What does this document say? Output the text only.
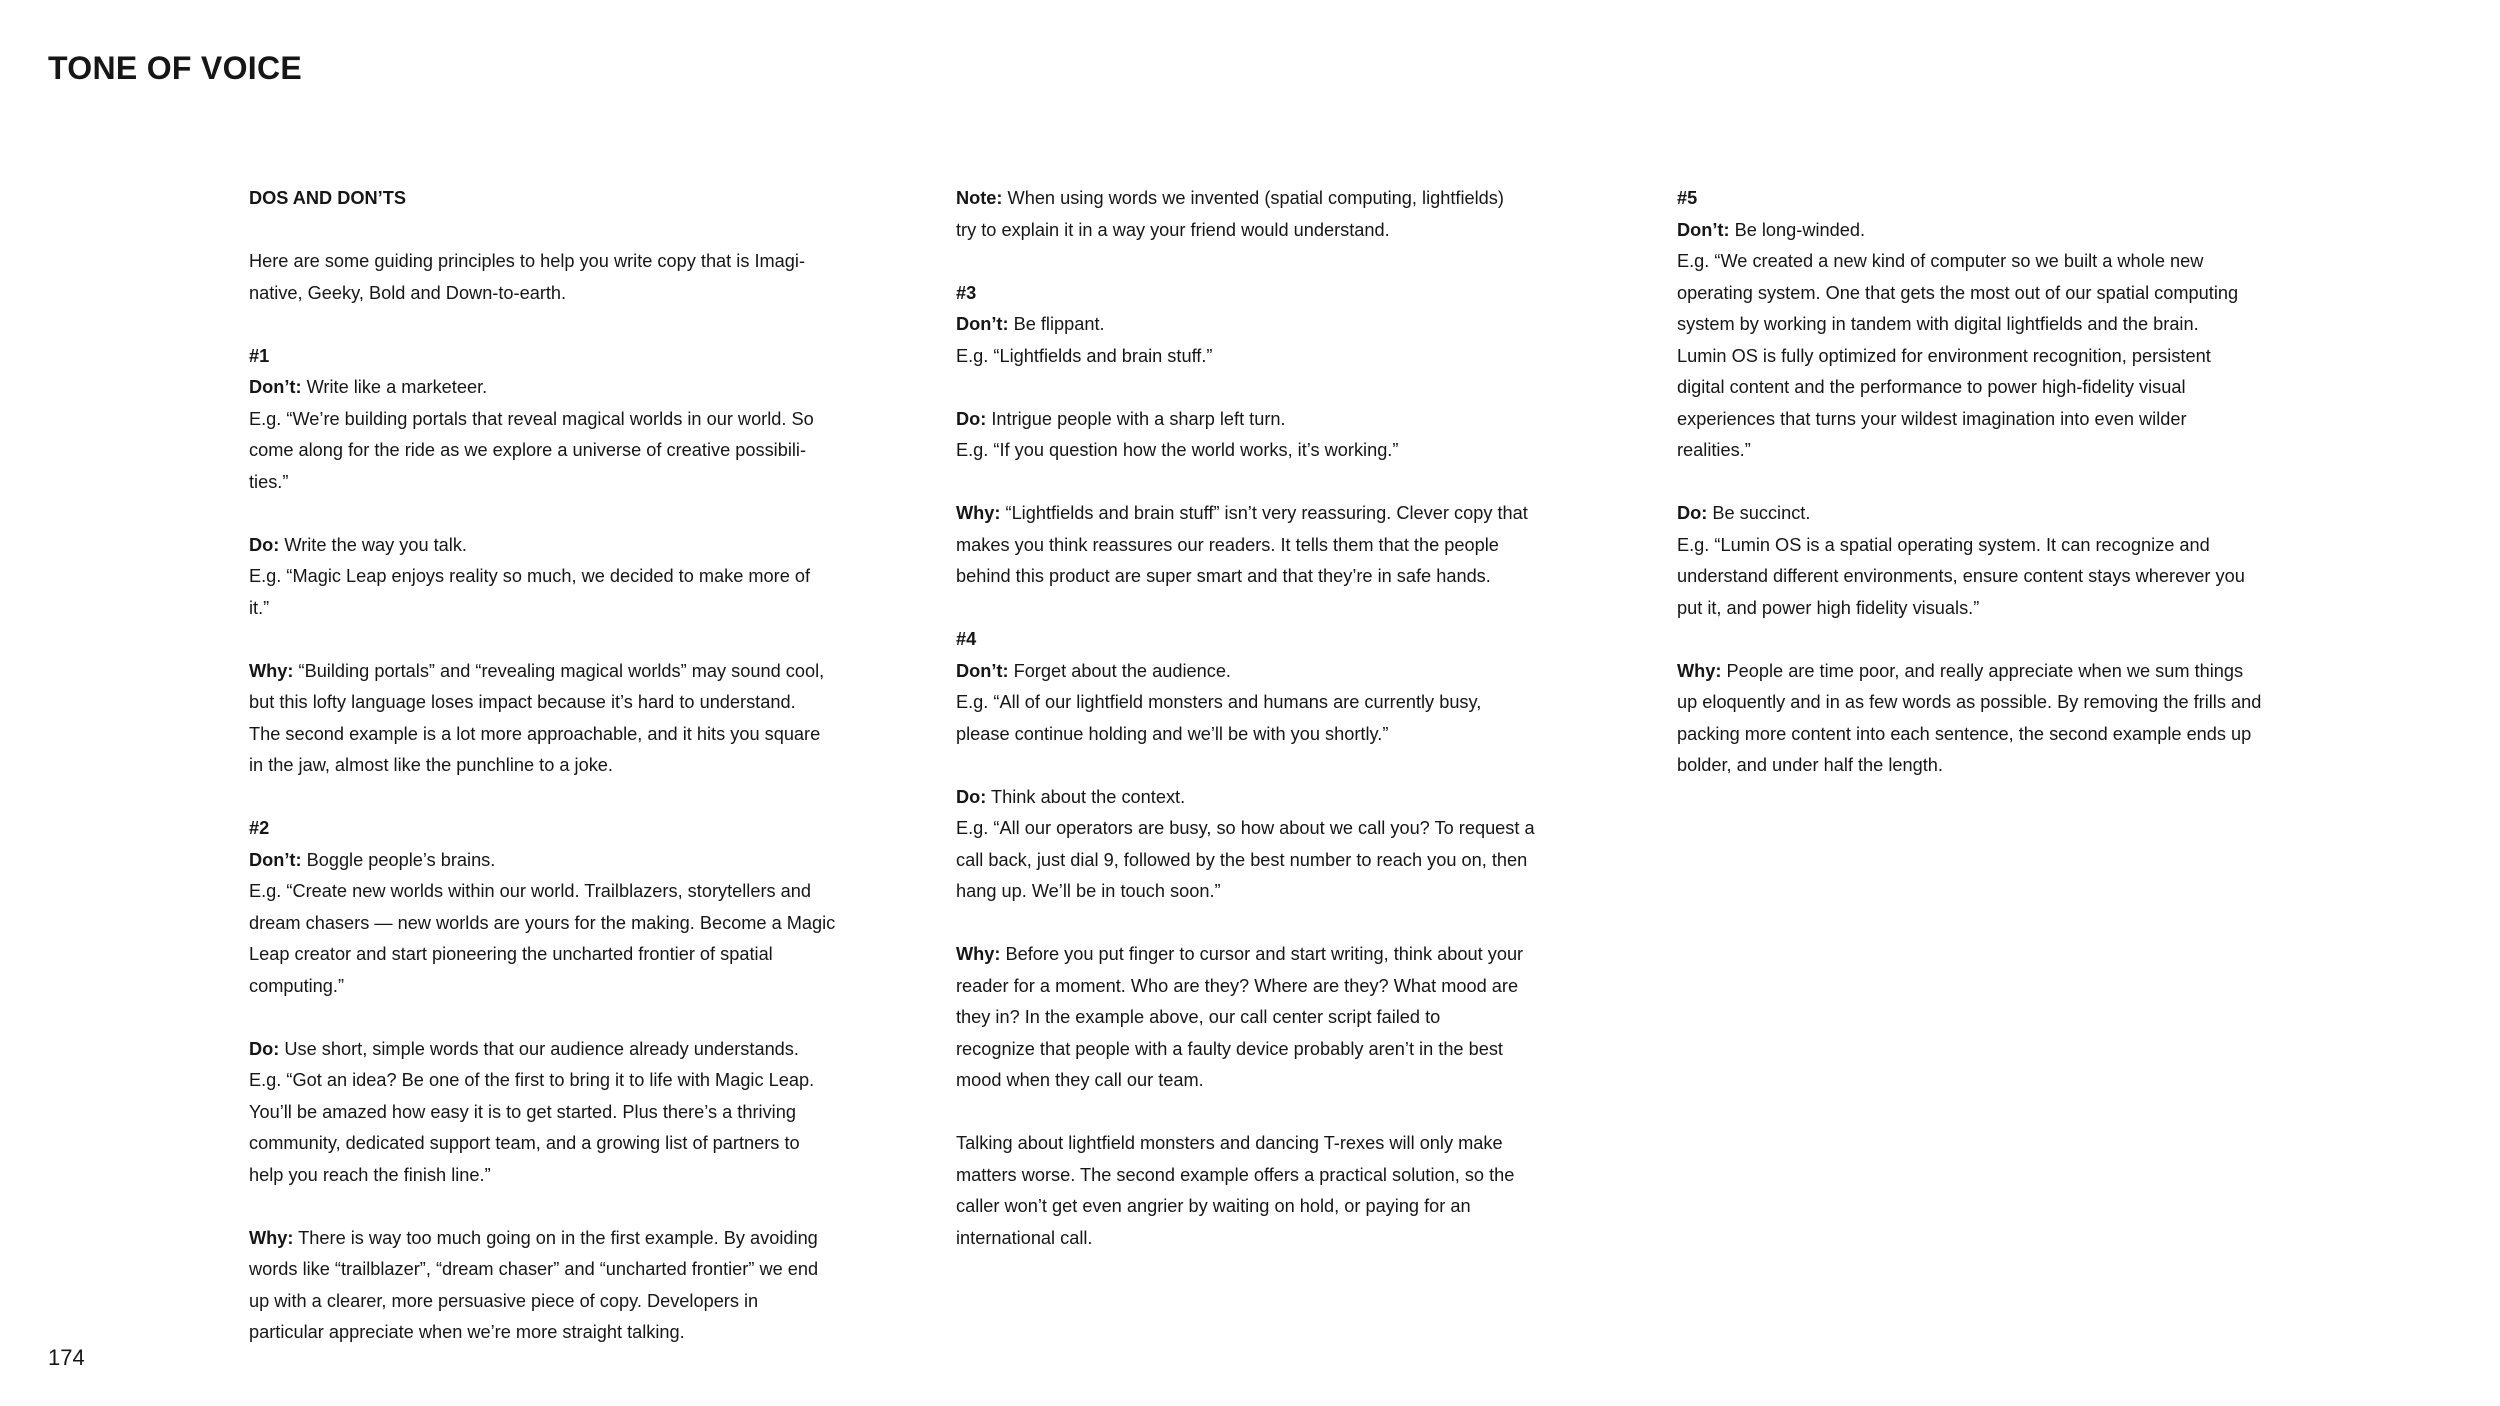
TONE OF VOICE
DOS AND DON’TS
Here are some guiding principles to help you write copy that is Imagi-
native, Geeky, Bold and Down-to-earth.
#1
Don’t: Write like a marketeer.
E.g. “We’re building portals that reveal magical worlds in our world. So
come along for the ride as we explore a universe of creative possibili-
ties.”
Do: Write the way you talk.
E.g. “Magic Leap enjoys reality so much, we decided to make more of
it.”
Why: “Building portals” and “revealing magical worlds” may sound cool,
but this lofty language loses impact because it’s hard to understand.
The second example is a lot more approachable, and it hits you square
in the jaw, almost like the punchline to a joke.
#2
Don’t: Boggle people’s brains.
E.g. “Create new worlds within our world. Trailblazers, storytellers and
dream chasers — new worlds are yours for the making. Become a Magic
Leap creator and start pioneering the uncharted frontier of spatial
computing.”
Do: Use short, simple words that our audience already understands.
E.g. “Got an idea? Be one of the first to bring it to life with Magic Leap.
You’ll be amazed how easy it is to get started. Plus there’s a thriving
community, dedicated support team, and a growing list of partners to
help you reach the finish line.”
Why: There is way too much going on in the first example. By avoiding
words like “trailblazer”, “dream chaser” and “uncharted frontier” we end
up with a clearer, more persuasive piece of copy. Developers in
particular appreciate when we’re more straight talking.
Note: When using words we invented (spatial computing, lightfields)
try to explain it in a way your friend would understand.
#3
Don’t: Be flippant.
E.g. “Lightfields and brain stuff.”
Do: Intrigue people with a sharp left turn.
E.g. “If you question how the world works, it’s working.”
Why: “Lightfields and brain stuff” isn’t very reassuring. Clever copy that
makes you think reassures our readers. It tells them that the people
behind this product are super smart and that they’re in safe hands.
#4
Don’t: Forget about the audience.
E.g. “All of our lightfield monsters and humans are currently busy,
please continue holding and we’ll be with you shortly.”
Do: Think about the context.
E.g. “All our operators are busy, so how about we call you? To request a
call back, just dial 9, followed by the best number to reach you on, then
hang up. We’ll be in touch soon.”
Why: Before you put finger to cursor and start writing, think about your
reader for a moment. Who are they? Where are they? What mood are
they in? In the example above, our call center script failed to
recognize that people with a faulty device probably aren’t in the best
mood when they call our team.
Talking about lightfield monsters and dancing T-rexes will only make
matters worse. The second example offers a practical solution, so the
caller won’t get even angrier by waiting on hold, or paying for an
international call.
#5
Don’t: Be long-winded.
E.g. “We created a new kind of computer so we built a whole new
operating system. One that gets the most out of our spatial computing
system by working in tandem with digital lightfields and the brain.
Lumin OS is fully optimized for environment recognition, persistent
digital content and the performance to power high-fidelity visual
experiences that turns your wildest imagination into even wilder
realities.”
Do: Be succinct.
E.g. “Lumin OS is a spatial operating system. It can recognize and
understand different environments, ensure content stays wherever you
put it, and power high fidelity visuals.”
Why: People are time poor, and really appreciate when we sum things
up eloquently and in as few words as possible. By removing the frills and
packing more content into each sentence, the second example ends up
bolder, and under half the length.
174
